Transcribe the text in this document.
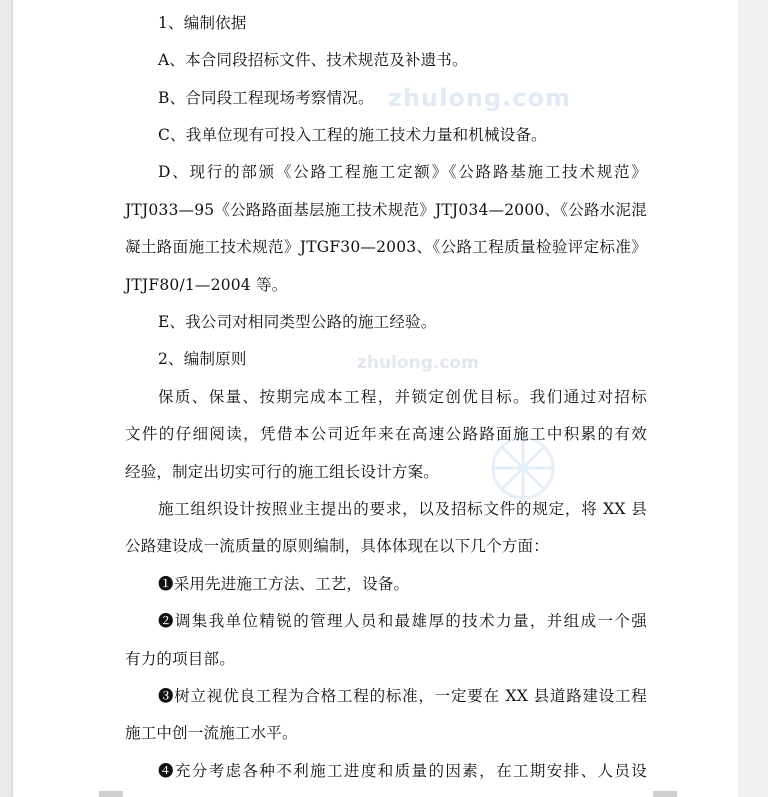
zhulong.com
zhulong.com
1、编制依据
A、本合同段招标文件、技术规范及补遗书。
B、合同段工程现场考察情况。
C、我单位现有可投入工程的施工技术力量和机械设备。
D、现行的部颁《公路工程施工定额》《公路路基施工技术规范》
JTJ033—95《公路路面基层施工技术规范》JTJ034—2000、《公路水泥混
凝土路面施工技术规范》JTGF30—2003、《公路工程质量检验评定标准》
JTJF80/1—2004 等。
E、我公司对相同类型公路的施工经验。
2、编制原则
保质、保量、按期完成本工程，并锁定创优目标。我们通过对招标
文件的仔细阅读，凭借本公司近年来在高速公路路面施工中积累的有效
经验，制定出切实可行的施工组长设计方案。
施工组织设计按照业主提出的要求，以及招标文件的规定，将 XX 县
公路建设成一流质量的原则编制，具体体现在以下几个方面：
➊采用先进施工方法、工艺，设备。
➋调集我单位精锐的管理人员和最雄厚的技术力量，并组成一个强
有力的项目部。
➌树立视优良工程为合格工程的标准，一定要在 XX 县道路建设工程
施工中创一流施工水平。
➍充分考虑各种不利施工进度和质量的因素，在工期安排、人员设
